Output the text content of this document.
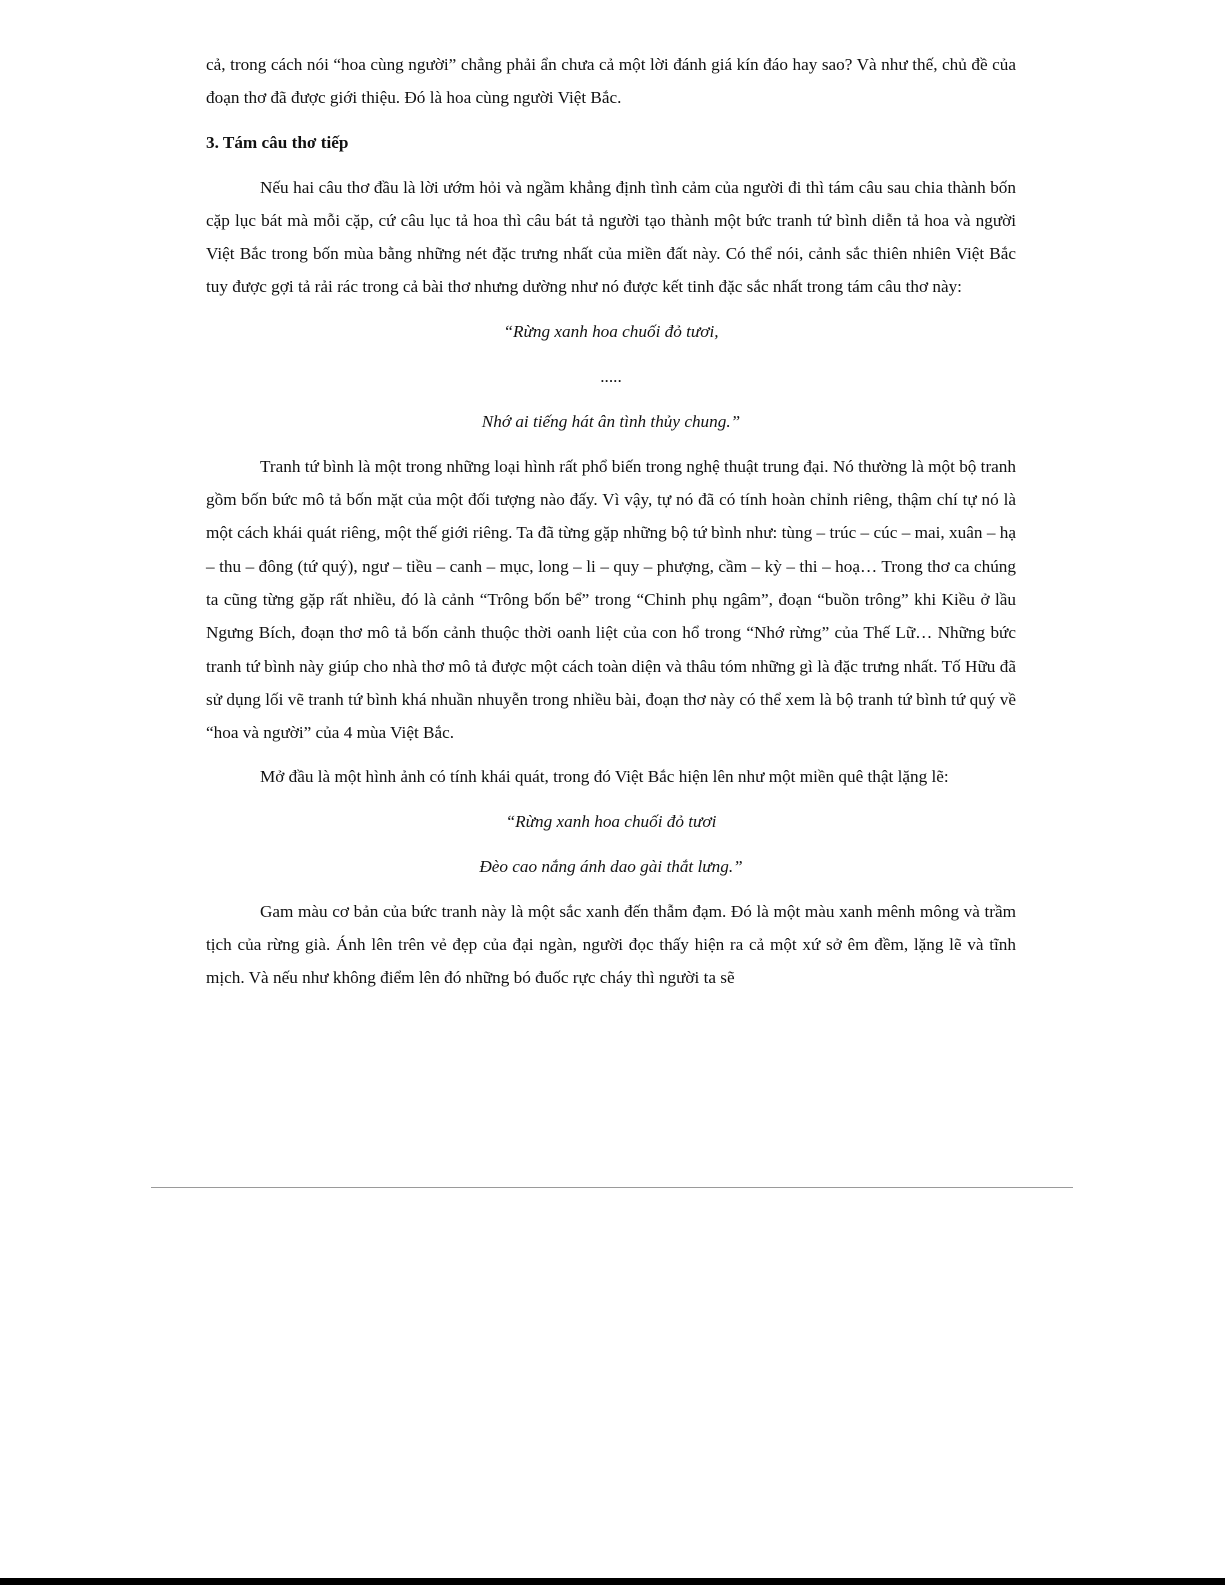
cả, trong cách nói “hoa cùng người” chẳng phải ẩn chưa cả một lời đánh giá kín đáo hay sao? Và như thế, chủ đề của đoạn thơ đã được giới thiệu. Đó là hoa cùng người Việt Bắc.

3. Tám câu thơ tiếp

Nếu hai câu thơ đầu là lời ướm hỏi và ngầm khẳng định tình cảm của người đi thì tám câu sau chia thành bốn cặp lục bát mà mỗi cặp, cứ câu lục tả hoa thì câu bát tả người tạo thành một bức tranh tứ bình diễn tả hoa và người Việt Bắc trong bốn mùa bằng những nét đặc trưng nhất của miền đất này. Có thể nói, cảnh sắc thiên nhiên Việt Bắc tuy được gợi tả rải rác trong cả bài thơ nhưng dường như nó được kết tinh đặc sắc nhất trong tám câu thơ này:

“Rừng xanh hoa chuối đỏ tươi,
.....
Nhớ ai tiếng hát ân tình thủy chung.”

Tranh tứ bình là một trong những loại hình rất phổ biến trong nghệ thuật trung đại. Nó thường là một bộ tranh gồm bốn bức mô tả bốn mặt của một đối tượng nào đấy. Vì vậy, tự nó đã có tính hoàn chỉnh riêng, thậm chí tự nó là một cách khái quát riêng, một thế giới riêng. Ta đã từng gặp những bộ tứ bình như: tùng – trúc – cúc – mai, xuân – hạ – thu – đông (tứ quý), ngư – tiều – canh – mục, long – li – quy – phượng, cầm – kỳ – thi – hoạ… Trong thơ ca chúng ta cũng từng gặp rất nhiều, đó là cảnh “Trông bốn bể” trong “Chinh phụ ngâm”, đoạn “buồn trông” khi Kiều ở lầu Ngưng Bích, đoạn thơ mô tả bốn cảnh thuộc thời oanh liệt của con hổ trong “Nhớ rừng” của Thế Lữ… Những bức tranh tứ bình này giúp cho nhà thơ mô tả được một cách toàn diện và thâu tóm những gì là đặc trưng nhất. Tố Hữu đã sử dụng lối vẽ tranh tứ bình khá nhuần nhuyễn trong nhiều bài, đoạn thơ này có thể xem là bộ tranh tứ bình tứ quý về “hoa và người” của 4 mùa Việt Bắc.

Mở đầu là một hình ảnh có tính khái quát, trong đó Việt Bắc hiện lên như một miền quê thật lặng lẽ:

“Rừng xanh hoa chuối đỏ tươi
Đèo cao nắng ánh dao gài thắt lưng.”

Gam màu cơ bản của bức tranh này là một sắc xanh đến thẫm đạm. Đó là một màu xanh mênh mông và trầm tịch của rừng già. Ánh lên trên vẻ đẹp của đại ngàn, người đọc thấy hiện ra cả một xứ sở êm đềm, lặng lẽ và tĩnh mịch. Và nếu như không điểm lên đó những bó đuốc rực cháy thì người ta sẽ
